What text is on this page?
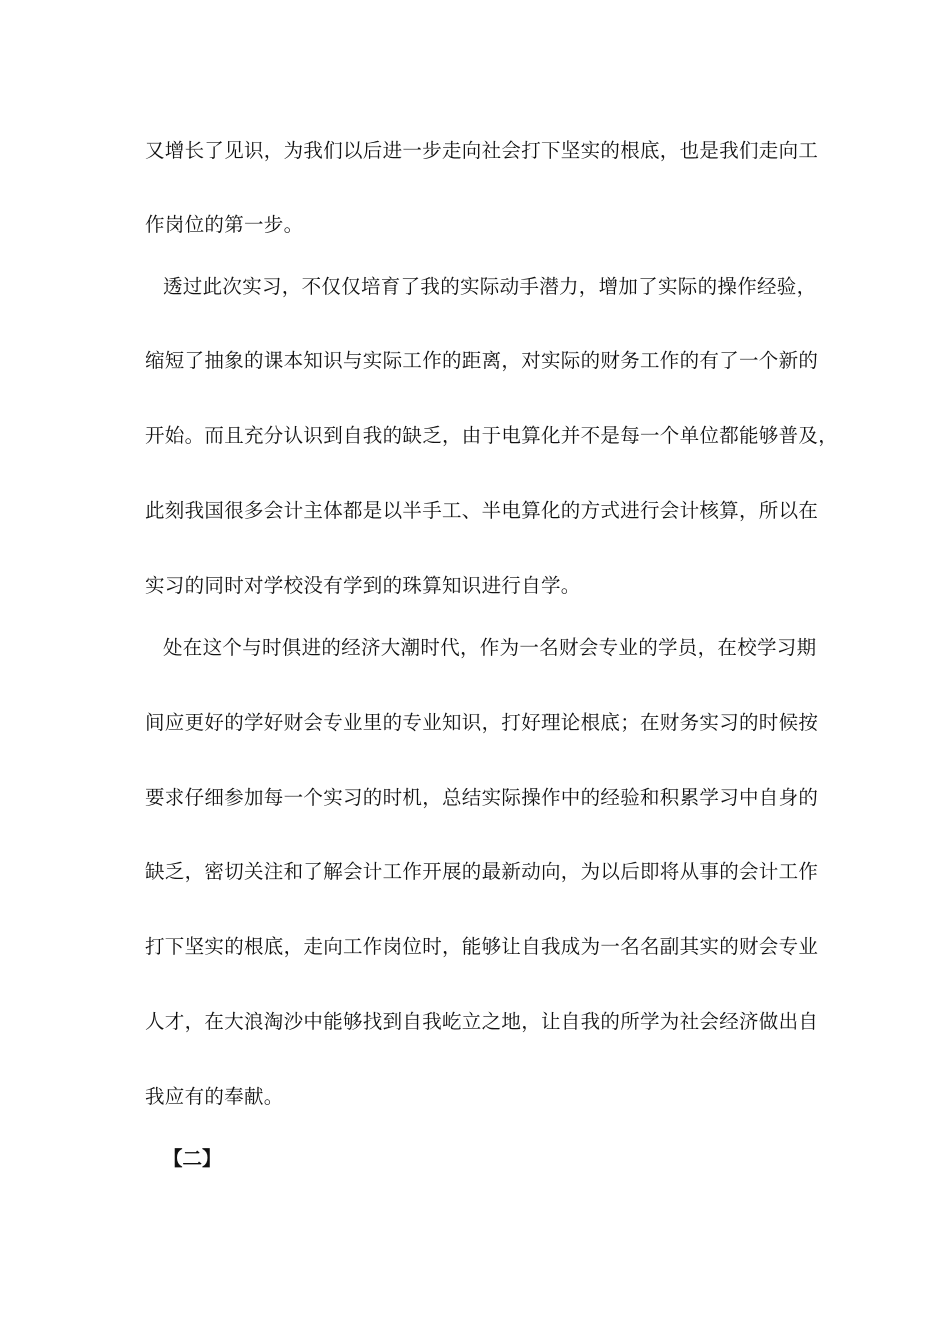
又增长了见识，为我们以后进一步走向社会打下坚实的根底，也是我们走向工
作岗位的第一步。
透过此次实习，不仅仅培育了我的实际动手潜力，增加了实际的操作经验，
缩短了抽象的课本知识与实际工作的距离，对实际的财务工作的有了一个新的
开始。而且充分认识到自我的缺乏，由于电算化并不是每一个单位都能够普及，
此刻我国很多会计主体都是以半手工、半电算化的方式进行会计核算，所以在
实习的同时对学校没有学到的珠算知识进行自学。
处在这个与时俱进的经济大潮时代，作为一名财会专业的学员，在校学习期
间应更好的学好财会专业里的专业知识，打好理论根底；在财务实习的时候按
要求仔细参加每一个实习的时机，总结实际操作中的经验和积累学习中自身的
缺乏，密切关注和了解会计工作开展的最新动向，为以后即将从事的会计工作
打下坚实的根底，走向工作岗位时，能够让自我成为一名名副其实的财会专业
人才，在大浪淘沙中能够找到自我屹立之地，让自我的所学为社会经济做出自
我应有的奉献。
【二】
